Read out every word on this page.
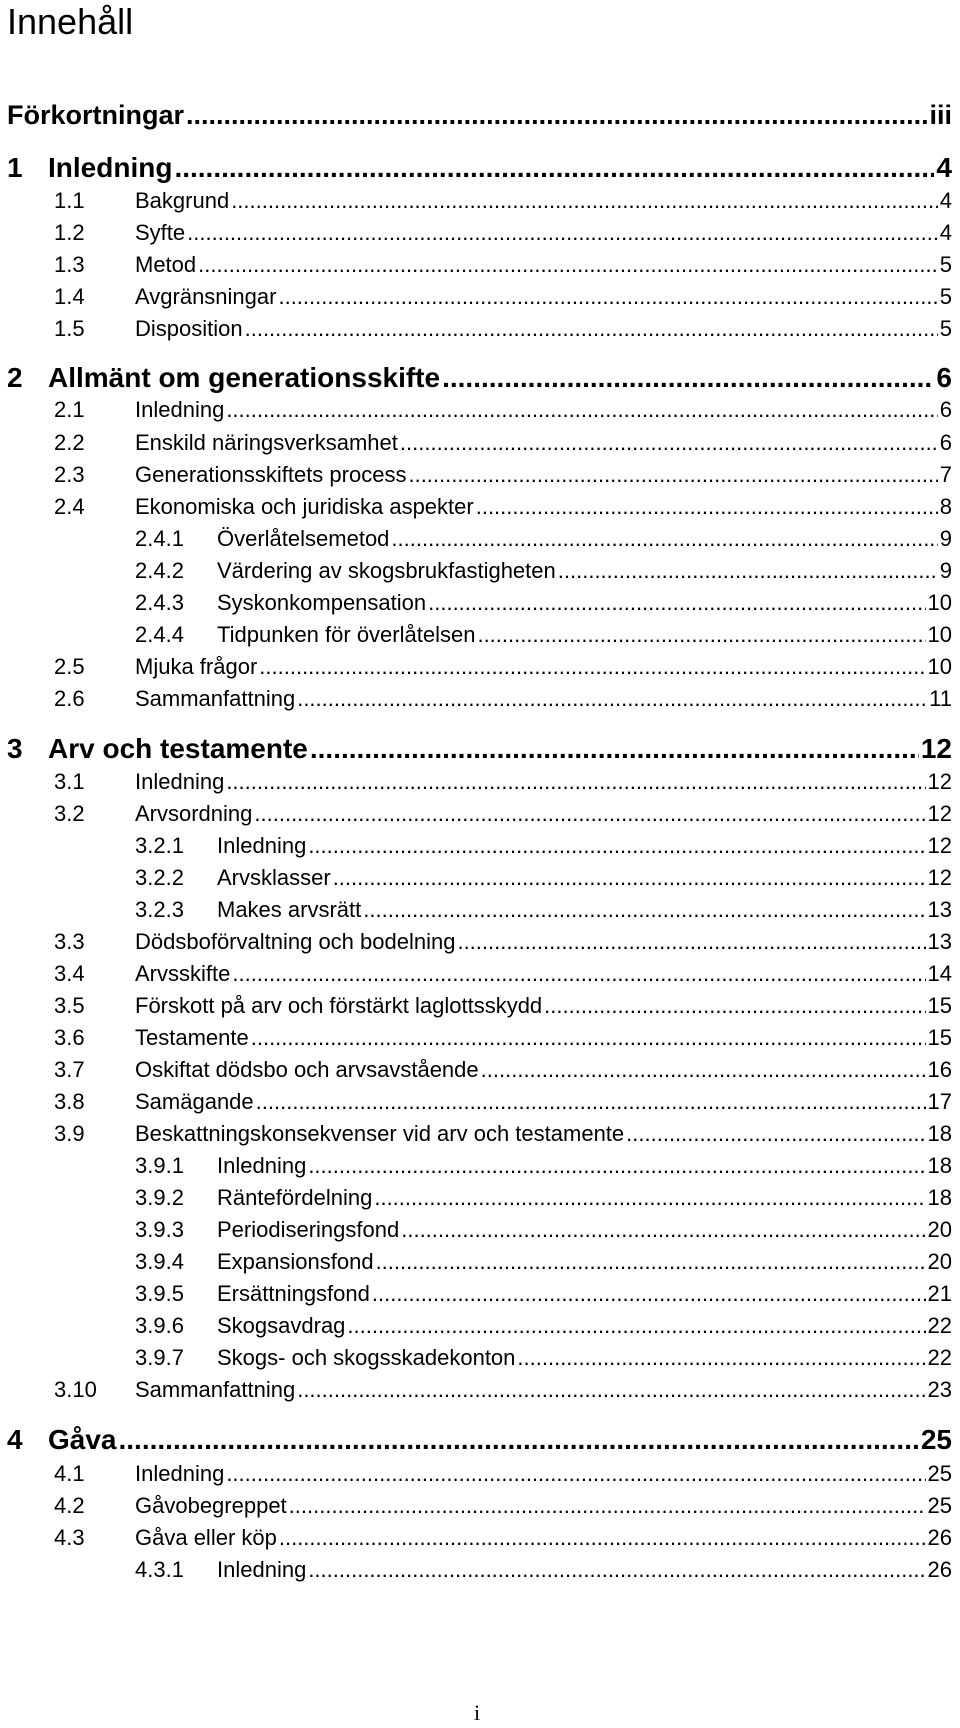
Innehåll
Förkortningar .....	iii
1 Inledning .....	4
1.1	Bakgrund .....	4
1.2	Syfte .....	4
1.3	Metod .....	5
1.4	Avgränsningar .....	5
1.5	Disposition .....	5
2 Allmänt om generationsskifte .....	6
2.1	Inledning .....	6
2.2	Enskild näringsverksamhet .....	6
2.3	Generationsskiftets process .....	7
2.4	Ekonomiska och juridiska aspekter .....	8
2.4.1	Överlåtelsemetod .....	9
2.4.2	Värdering av skogsbrukfastigheten .....	9
2.4.3	Syskonkompensation .....	10
2.4.4	Tidpunken för överlåtelsen .....	10
2.5	Mjuka frågor .....	10
2.6	Sammanfattning .....	11
3 Arv och testamente .....	12
3.1	Inledning .....	12
3.2	Arvsordning .....	12
3.2.1	Inledning .....	12
3.2.2	Arvsklasser .....	12
3.2.3	Makes arvsrätt .....	13
3.3	Dödsboförvaltning och bodelning .....	13
3.4	Arvsskifte .....	14
3.5	Förskott på arv och förstärkt laglottsskydd .....	15
3.6	Testamente .....	15
3.7	Oskiftat dödsbo och arvsavstående .....	16
3.8	Samägande .....	17
3.9	Beskattningskonsekvenser vid arv och testamente .....	18
3.9.1	Inledning .....	18
3.9.2	Räntefördelning .....	18
3.9.3	Periodiseringsfond .....	20
3.9.4	Expansionsfond .....	20
3.9.5	Ersättningsfond .....	21
3.9.6	Skogsavdrag .....	22
3.9.7	Skogs- och skogsskadekonton .....	22
3.10	Sammanfattning .....	23
4 Gåva .....	25
4.1	Inledning .....	25
4.2	Gåvobegreppet .....	25
4.3	Gåva eller köp .....	26
4.3.1	Inledning .....	26
i
